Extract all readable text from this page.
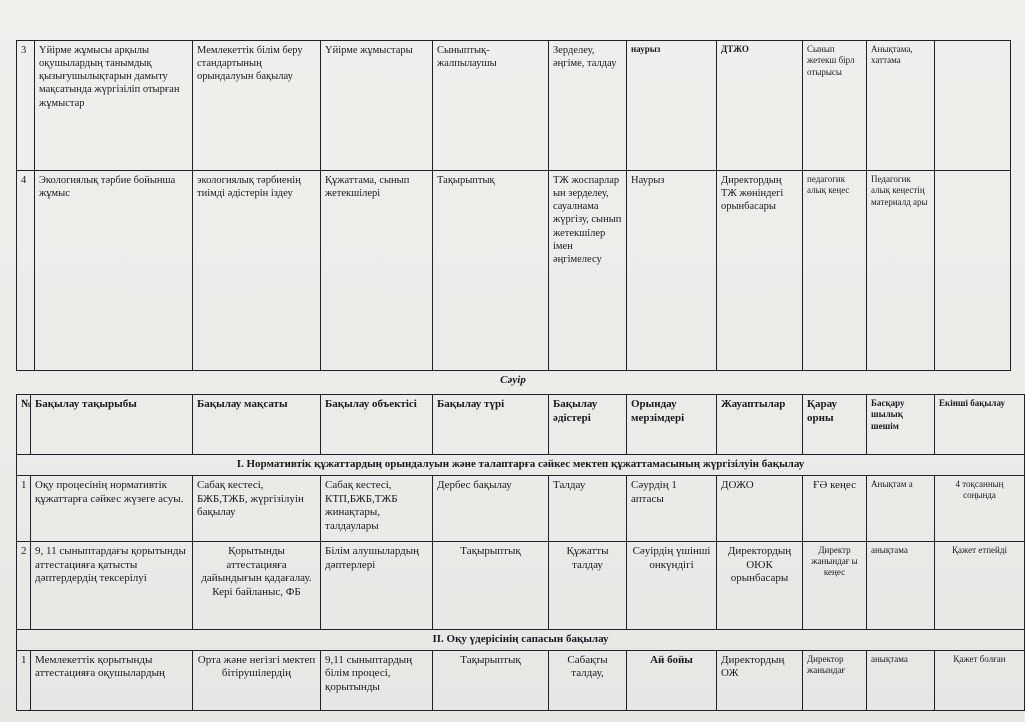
3	Үйірме жұмысы арқылы оқушылардың танымдық қызығушылықтарын дамыту мақсатында жүргізіліп отырған жұмыстар	Мемлекеттік білім беру стандартының орындалуын бақылау	Үйірме жұмыстары	Сыныптық-жалпылаушы	Зерделеу, әңгіме, талдау	наурыз	ДТЖО	Сынып жетекш бірл отырысы	Анықтама, хаттама	
4	Экологиялық тәрбие бойынша жұмыс	экологиялық тәрбиенің тиімді әдістерін іздеу	Құжаттама, сынып жетекшілері	Тақырыптық	ТЖ жоспарлар ын зерделеу, сауалнама жүргізу, сынып жетекшілер імен әңгімелесу	Наурыз	Директордың ТЖ жөніндегі орынбасары	педагогик алық кеңес	Педагогик алық кеңестің материалд ары	
Сәуір
№	Бақылау тақырыбы	Бақылау мақсаты	Бақылау объектісі	Бақылау түрі	Бақылау әдістері	Орындау мерзімдері	Жауаптылар	Қарау орны	Басқару шылық шешім	Екінші бақылау
I. Нормативтік құжаттардың орындалуын және талаптарға сәйкес мектеп құжаттамасының жүргізілуін бақылау										
1	Оқу процесінің нормативтік құжаттарға сәйкес жүзеге асуы.	Сабақ кестесі, БЖБ,ТЖБ, жүргізілуін бақылау	Сабақ кестесі, КТП,БЖБ,ТЖБ жинақтары, талдаулары	Дербес бақылау	Талдау	Сәурдің 1 аптасы	ДОЖО	ҒӘ кеңес	Анықтам а	4 тоқсанның соңында
2	9, 11 сыныптардағы қорытынды аттестацияға қатысты дәптердердің тексерілуі	Қорытынды аттестацияға дайындығын қадағалау. Кері байланыс, ФБ	Білім алушылардың дәптерлері	Тақырыптық	Құжатты талдау	Сәуірдің үшінші онкүндігі	Директордың ОЮК орынбасары	Директр жанындағ ы кеңес	анықтама	Қажет етпейді
II. Оқу үдерісінің сапасын бақылау										
1	Мемлекеттік қорытынды аттестацияға оқушылардың	Орта және негізгі мектеп бітірушілердің	9,11 сыныптардың білім процесі, қорытынды	Тақырыптық	Сабақты талдау,	Ай бойы	Директордың ОЖ	Директор жанындағ	анықтама	Қажет болған
